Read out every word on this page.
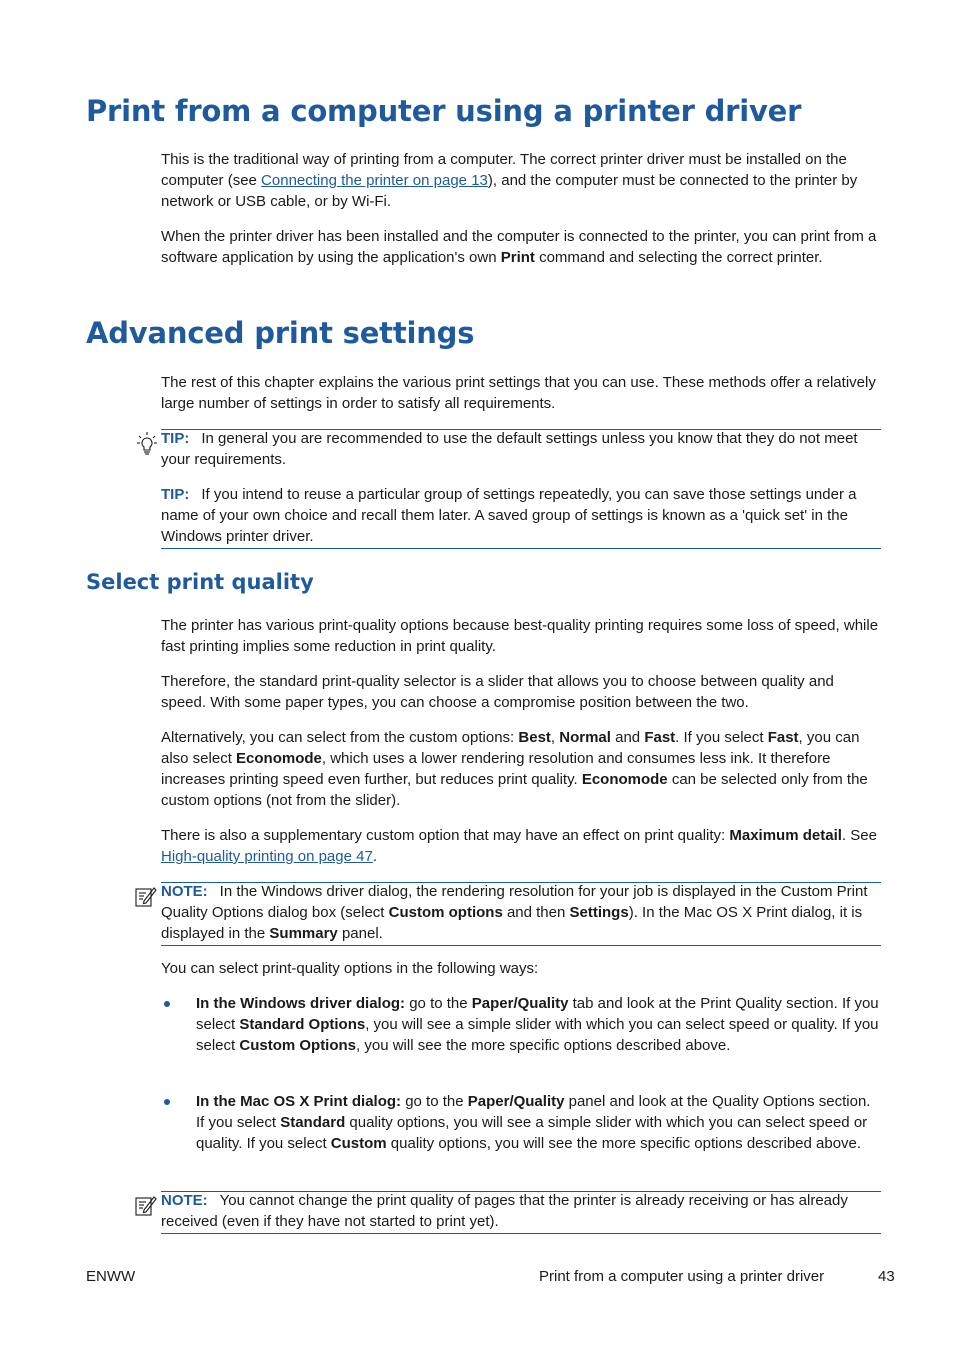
Print from a computer using a printer driver

This is the traditional way of printing from a computer. The correct printer driver must be installed on the computer (see Connecting the printer on page 13), and the computer must be connected to the printer by network or USB cable, or by Wi-Fi.

When the printer driver has been installed and the computer is connected to the printer, you can print from a software application by using the application's own Print command and selecting the correct printer.

Advanced print settings

The rest of this chapter explains the various print settings that you can use. These methods offer a relatively large number of settings in order to satisfy all requirements.

TIP: In general you are recommended to use the default settings unless you know that they do not meet your requirements.

TIP: If you intend to reuse a particular group of settings repeatedly, you can save those settings under a name of your own choice and recall them later. A saved group of settings is known as a 'quick set' in the Windows printer driver.

Select print quality

The printer has various print-quality options because best-quality printing requires some loss of speed, while fast printing implies some reduction in print quality.

Therefore, the standard print-quality selector is a slider that allows you to choose between quality and speed. With some paper types, you can choose a compromise position between the two.

Alternatively, you can select from the custom options: Best, Normal and Fast. If you select Fast, you can also select Economode, which uses a lower rendering resolution and consumes less ink. It therefore increases printing speed even further, but reduces print quality. Economode can be selected only from the custom options (not from the slider).

There is also a supplementary custom option that may have an effect on print quality: Maximum detail. See High-quality printing on page 47.

NOTE: In the Windows driver dialog, the rendering resolution for your job is displayed in the Custom Print Quality Options dialog box (select Custom options and then Settings). In the Mac OS X Print dialog, it is displayed in the Summary panel.

You can select print-quality options in the following ways:

In the Windows driver dialog: go to the Paper/Quality tab and look at the Print Quality section. If you select Standard Options, you will see a simple slider with which you can select speed or quality. If you select Custom Options, you will see the more specific options described above.

In the Mac OS X Print dialog: go to the Paper/Quality panel and look at the Quality Options section. If you select Standard quality options, you will see a simple slider with which you can select speed or quality. If you select Custom quality options, you will see the more specific options described above.

NOTE: You cannot change the print quality of pages that the printer is already receiving or has already received (even if they have not started to print yet).

ENWW	Print from a computer using a printer driver	43
